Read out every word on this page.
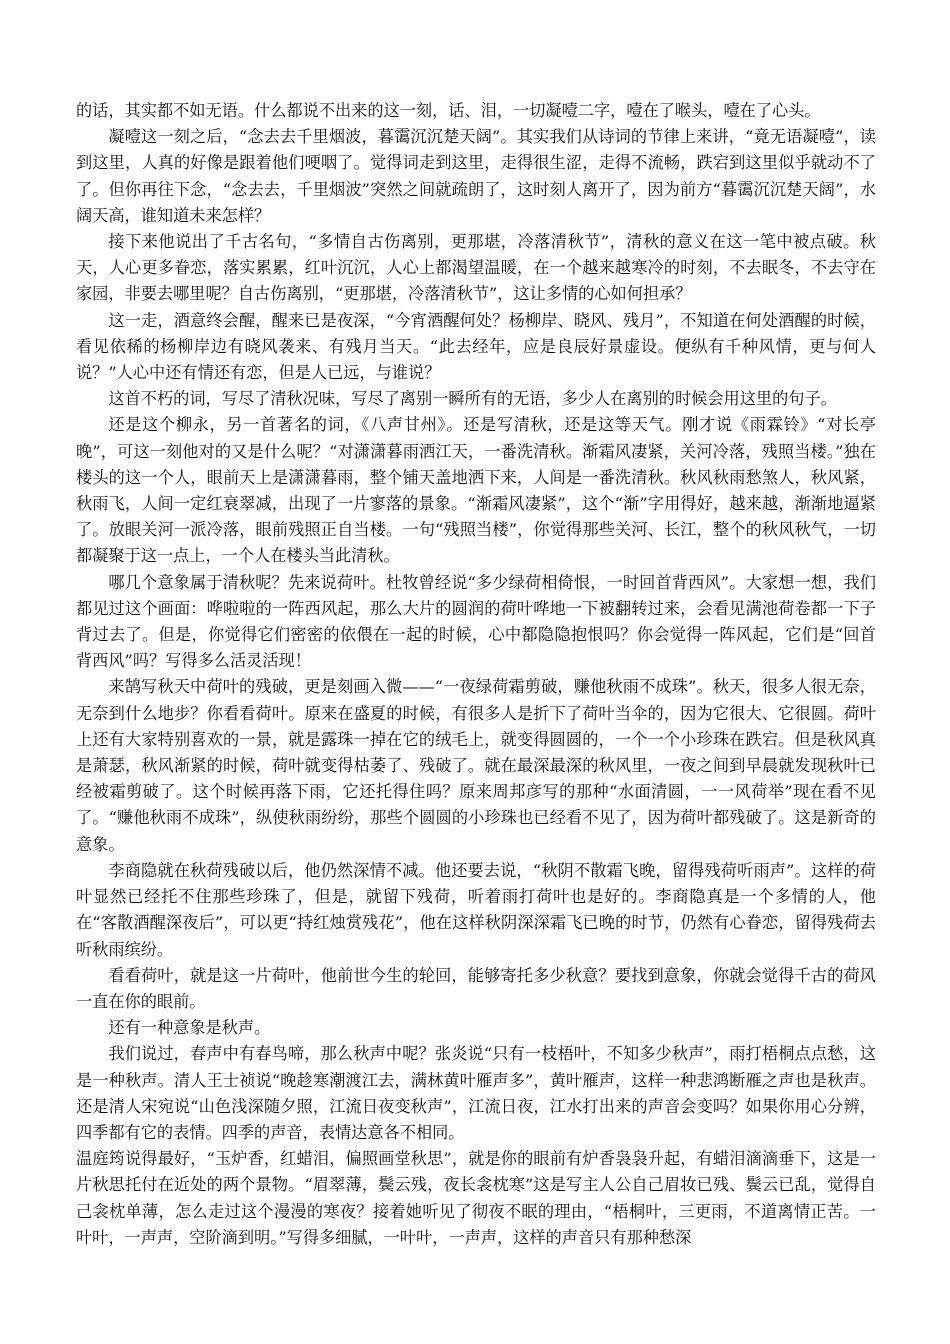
的话，其实都不如无语。什么都说不出来的这一刻，话、泪，一切凝噎二字，噎在了喉头，噎在了心头。

凝噎这一刻之后，“念去去千里烟波，暮霭沉沉楚天阔”。其实我们从诗词的节律上来讲，“竟无语凝噎”，读到这里，人真的好像是跟着他们哽咽了。觉得词走到这里，走得很生涩，走得不流畅，跌宕到这里似乎就动不了了。但你再往下念，“念去去，千里烟波”突然之间就疏朗了，这时刻人离开了，因为前方“暮霭沉沉楚天阔”，水阔天高，谁知道未来怎样？

接下来他说出了千古名句，“多情自古伤离别，更那堪，冷落清秋节”，清秋的意义在这一笔中被点破。秋天，人心更多眷恋，落实累累，红叶沉沉，人心上都渴望温暖，在一个越来越寒冷的时刻，不去眠冬，不去守在家园，非要去哪里呢？自古伤离别，“更那堪，冷落清秋节”，这让多情的心如何担承？

这一走，酒意终会醒，醒来已是夜深，“今宵酒醒何处？杨柳岸、晓风、残月”，不知道在何处酒醒的时候，看见依稀的杨柳岸边有晓风袭来、有残月当天。“此去经年，应是良辰好景虚设。便纵有千种风情，更与何人说？”人心中还有情还有恋，但是人已远，与谁说？

这首不朽的词，写尽了清秋况味，写尽了离别一瞬所有的无语，多少人在离别的时候会用这里的句子。

还是这个柳永，另一首著名的词，《八声甘州》。还是写清秋，还是这等天气。刚才说《雨霖铃》“对长亭晚”，可这一刻他对的又是什么呢？“对潇潇暮雨洒江天，一番洗清秋。渐霜风凄紧，关河冷落，残照当楼。”独在楼头的这一个人，眼前天上是潇潇暮雨，整个铺天盖地洒下来，人间是一番洗清秋。秋风秋雨愁煞人，秋风紧，秋雨飞，人间一定红衰翠减，出现了一片寥落的景象。“渐霜风凄紧”，这个“渐”字用得好，越来越，渐渐地逼紧了。放眼关河一派冷落，眼前残照正自当楼。一句“残照当楼”，你觉得那些关河、长江，整个的秋风秋气，一切都凝聚于这一点上，一个人在楼头当此清秋。

哪几个意象属于清秋呢？先来说荷叶。杜牧曾经说“多少绿荷相倚恨，一时回首背西风”。大家想一想，我们都见过这个画面：哗啦啦的一阵西风起，那么大片的圆润的荷叶哗地一下被翻转过来，会看见满池荷卷都一下子背过去了。但是，你觉得它们密密的依偎在一起的时候，心中都隐隐抱恨吗？你会觉得一阵风起，它们是“回首背西风”吗？写得多么活灵活现！

来鹄写秋天中荷叶的残破，更是刻画入微——“一夜绿荷霜剪破，赚他秋雨不成珠”。秋天，很多人很无奈，无奈到什么地步？你看看荷叶。原来在盛夏的时候，有很多人是折下了荷叶当伞的，因为它很大、它很圆。荷叶上还有大家特别喜欢的一景，就是露珠一掉在它的绒毛上，就变得圆圆的，一个一个小珍珠在跌宕。但是秋风真是萧瑟，秋风渐紧的时候，荷叶就变得枯萎了、残破了。就在最深最深的秋风里，一夜之间到早晨就发现秋叶已经被霜剪破了。这个时候再落下雨，它还托得住吗？原来周邦彦写的那种“水面清圆，一一风荷举”现在看不见了。“赚他秋雨不成珠”，纵使秋雨纷纷，那些个圆圆的小珍珠也已经看不见了，因为荷叶都残破了。这是新奇的意象。

李商隐就在秋荷残破以后，他仍然深情不减。他还要去说，“秋阴不散霜飞晚，留得残荷听雨声”。这样的荷叶显然已经托不住那些珍珠了，但是，就留下残荷，听着雨打荷叶也是好的。李商隐真是一个多情的人，他在“客散酒醒深夜后”，可以更“持红烛赏残花”，他在这样秋阴深深霜飞已晚的时节，仍然有心眷恋，留得残荷去听秋雨缤纷。

看看荷叶，就是这一片荷叶，他前世今生的轮回，能够寄托多少秋意？要找到意象，你就会觉得千古的荷风一直在你的眼前。

还有一种意象是秋声。

我们说过，春声中有春鸟啼，那么秋声中呢？张炎说“只有一枝梧叶，不知多少秋声”，雨打梧桐点点愁，这是一种秋声。清人王士祯说“晚趁寒潮渡江去，满林黄叶雁声多”，黄叶雁声，这样一种悲鸿断雁之声也是秋声。还是清人宋宛说“山色浅深随夕照，江流日夜变秋声”，江流日夜，江水打出来的声音会变吗？如果你用心分辨，四季都有它的表情。四季的声音，表情达意各不相同。

温庭筠说得最好，“玉炉香，红蜡泪，偏照画堂秋思”，就是你的眼前有炉香袅袅升起，有蜡泪滴滴垂下，这是一片秋思托付在近处的两个景物。“眉翠薄，鬓云残，夜长衾枕寒”这是写主人公自己眉妆已残、鬓云已乱，觉得自己衾枕单薄，怎么走过这个漫漫的寒夜？接着她听见了彻夜不眠的理由，“梧桐叶，三更雨，不道离情正苦。一叶叶，一声声，空阶滴到明。”写得多细腻，一叶叶，一声声，这样的声音只有那种愁深
